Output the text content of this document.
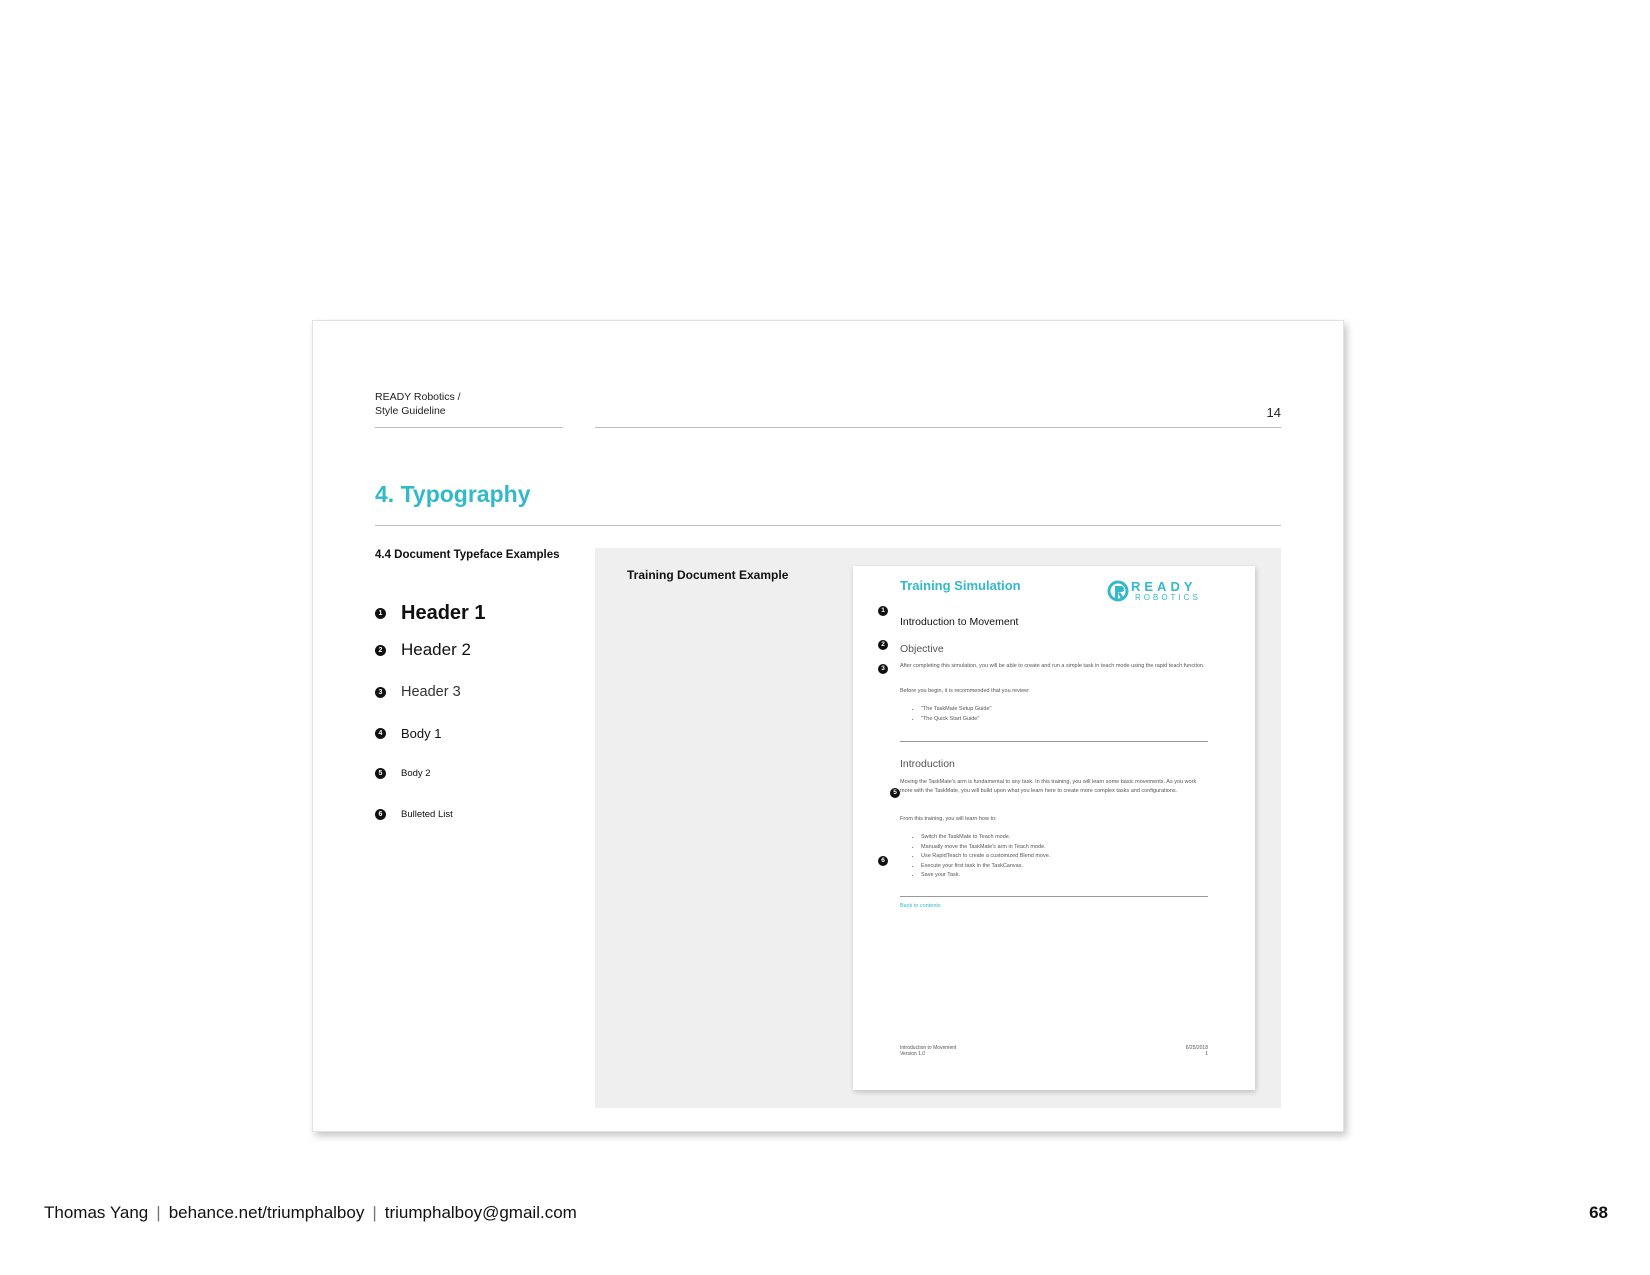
READY Robotics /
Style Guideline	14
4. Typography
4.4 Document Typeface Examples
1 Header 1
2 Header 2
3 Header 3
4 Body 1
5	Body 2
6	Bulleted List
Training Document Example
Training Simulation	READY
ROBOTICS
1
Introduction to Movement
2	Objective
3	After completing this simulation, you will be able to create and run a simple task in teach mode using the rapid teach function.
Before you begin, it is recommended that you review:
• "The TaskMate Setup Guide"
• "The Quick Start Guide"
Introduction
5
Moving the TaskMate's arm is fundamental to any task. In this training, you will learn some basic movements. As you work more with the TaskMate, you will build upon what you learn here to create more complex tasks and configurations.
From this training, you will learn how to:
6
• Switch the TaskMate to Teach mode.
• Manually move the TaskMate's arm in Teach mode.
• Use RapidTeach to create a customized Blend move.
• Execute your first task in the TaskCanvas.
• Save your Task.
Back to contents
Introduction to Movement
Version 1.0
6/25/2018
1
Thomas Yang | behance.net/triumphalboy | triumphalboy@gmail.com	68
